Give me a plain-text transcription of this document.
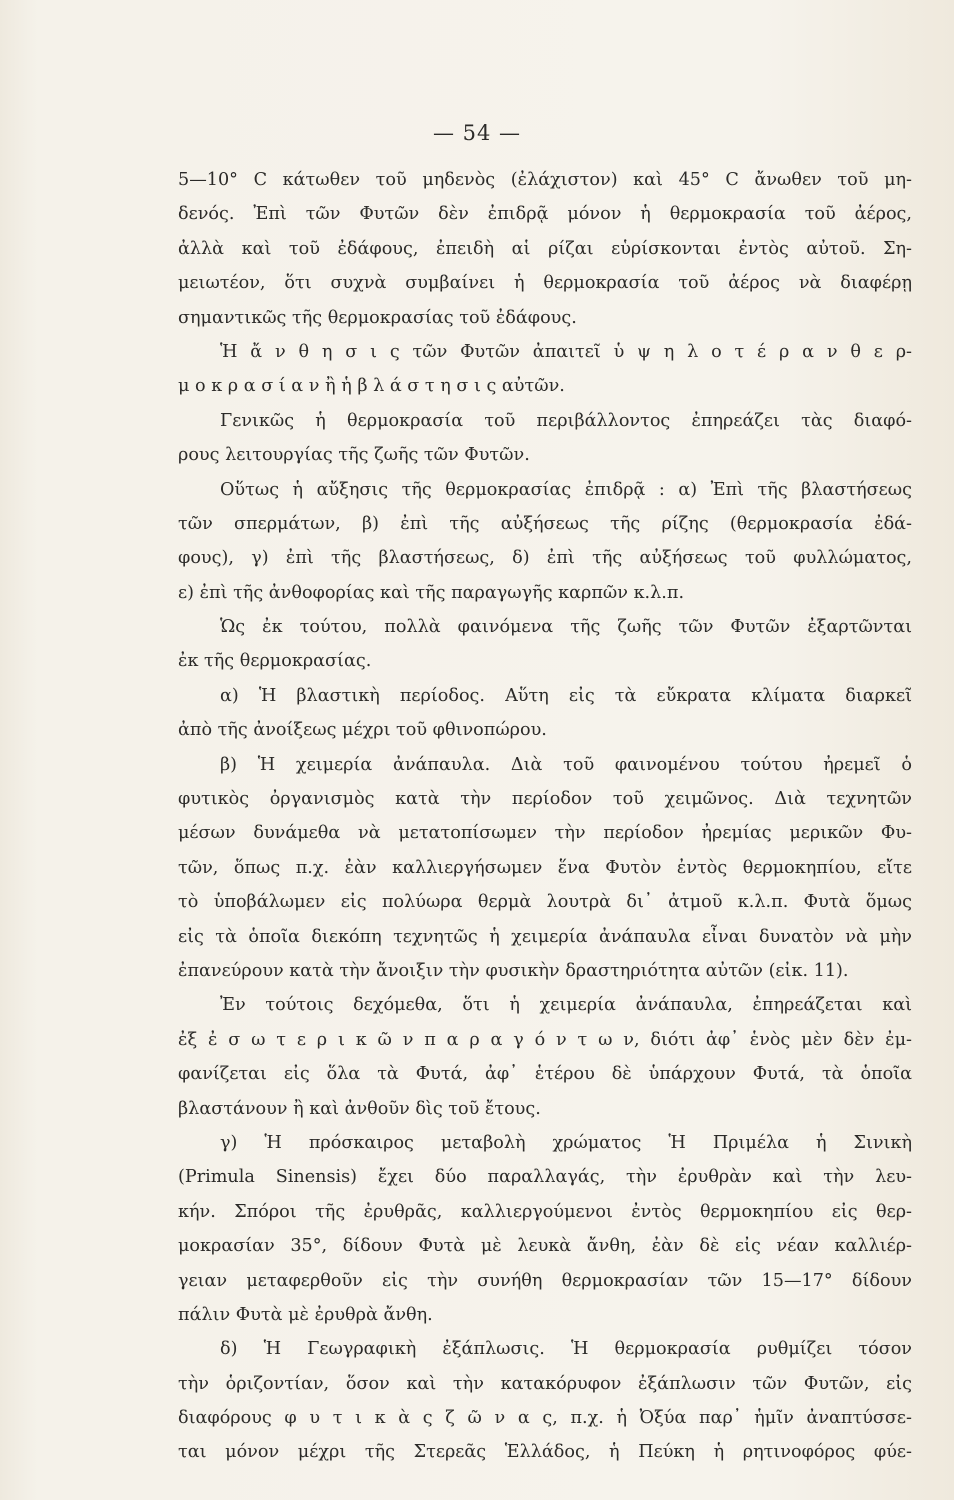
— 54 —
5—10° C κάτωθεν τοῦ μηδενὸς (ἐλάχιστον) καὶ 45° C ἄνωθεν τοῦ μη-
δενός. Ἐπὶ τῶν Φυτῶν δὲν ἐπιδρᾷ μόνον ἡ θερμοκρασία τοῦ ἀέρος,
ἀλλὰ καὶ τοῦ ἐδάφους, ἐπειδὴ αἱ ρίζαι εὑρίσκονται ἐντὸς αὐτοῦ. Ση-
μειωτέον, ὅτι συχνὰ συμβαίνει ἡ θερμοκρασία τοῦ ἀέρος νὰ διαφέρῃ
σημαντικῶς τῆς θερμοκρασίας τοῦ ἐδάφους.
Ἡ ἄ ν θ η σ ι ς τῶν Φυτῶν ἀπαιτεῖ ὑ ψ η λ ο τ έ ρ α ν θ ε ρ-
μ ο κ ρ α σ ί α ν ἢ ἡ β λ ά σ τ η σ ι ς αὐτῶν.
Γενικῶς ἡ θερμοκρασία τοῦ περιβάλλοντος ἐπηρεάζει τὰς διαφό-
ρους λειτουργίας τῆς ζωῆς τῶν Φυτῶν.
Οὕτως ἡ αὔξησις τῆς θερμοκρασίας ἐπιδρᾷ : α) Ἐπὶ τῆς βλαστήσεως
τῶν σπερμάτων, β) ἐπὶ τῆς αὐξήσεως τῆς ρίζης (θερμοκρασία ἐδά-
φους), γ) ἐπὶ τῆς βλαστήσεως, δ) ἐπὶ τῆς αὐξήσεως τοῦ φυλλώματος,
ε) ἐπὶ τῆς ἀνθοφορίας καὶ τῆς παραγωγῆς καρπῶν κ.λ.π.
Ὡς ἐκ τούτου, πολλὰ φαινόμενα τῆς ζωῆς τῶν Φυτῶν ἐξαρτῶνται
ἐκ τῆς θερμοκρασίας.
α) Ἡ βλαστικὴ περίοδος. Αὕτη εἰς τὰ εὔκρατα κλίματα διαρκεῖ
ἀπὸ τῆς ἀνοίξεως μέχρι τοῦ φθινοπώρου.
β) Ἡ χειμερία ἀνάπαυλα. Διὰ τοῦ φαινομένου τούτου ἠρεμεῖ ὁ
φυτικὸς ὀργανισμὸς κατὰ τὴν περίοδον τοῦ χειμῶνος. Διὰ τεχνητῶν
μέσων δυνάμεθα νὰ μετατοπίσωμεν τὴν περίοδον ἠρεμίας μερικῶν Φυ-
τῶν, ὅπως π.χ. ἐὰν καλλιεργήσωμεν ἕνα Φυτὸν ἐντὸς θερμοκηπίου, εἴτε
τὸ ὑποβάλωμεν εἰς πολύωρα θερμὰ λουτρὰ δι᾿ ἀτμοῦ κ.λ.π. Φυτὰ ὅμως
εἰς τὰ ὁποῖα διεκόπη τεχνητῶς ἡ χειμερία ἀνάπαυλα εἶναι δυνατὸν νὰ μὴν
ἐπανεύρουν κατὰ τὴν ἄνοιξιν τὴν φυσικὴν δραστηριότητα αὐτῶν (εἰκ. 11).
Ἐν τούτοις δεχόμεθα, ὅτι ἡ χειμερία ἀνάπαυλα, ἐπηρεάζεται καὶ
ἐξ ἐ σ ω τ ε ρ ι κ ῶ ν π α ρ α γ ό ν τ ω ν, διότι ἀφ᾿ ἑνὸς μὲν δὲν ἐμ-
φανίζεται εἰς ὅλα τὰ Φυτά, ἀφ᾿ ἑτέρου δὲ ὑπάρχουν Φυτά, τὰ ὁποῖα
βλαστάνουν ἢ καὶ ἀνθοῦν δὶς τοῦ ἔτους.
γ) Ἡ πρόσκαιρος μεταβολὴ χρώματος Ἡ Πριμέλα ἡ Σινικὴ
(Primula Sinensis) ἔχει δύο παραλλαγάς, τὴν ἐρυθρὰν καὶ τὴν λευ-
κήν. Σπόροι τῆς ἐρυθρᾶς, καλλιεργούμενοι ἐντὸς θερμοκηπίου εἰς θερ-
μοκρασίαν 35°, δίδουν Φυτὰ μὲ λευκὰ ἄνθη, ἐὰν δὲ εἰς νέαν καλλιέρ-
γειαν μεταφερθοῦν εἰς τὴν συνήθη θερμοκρασίαν τῶν 15—17° δίδουν
πάλιν Φυτὰ μὲ ἐρυθρὰ ἄνθη.
δ) Ἡ Γεωγραφικὴ ἐξάπλωσις. Ἡ θερμοκρασία ρυθμίζει τόσον
τὴν ὁριζοντίαν, ὅσον καὶ τὴν κατακόρυφον ἐξάπλωσιν τῶν Φυτῶν, εἰς
διαφόρους φ υ τ ι κ ὰ ς ζ ῶ ν α ς, π.χ. ἡ Ὀξύα παρ᾿ ἡμῖν ἀναπτύσσε-
ται μόνον μέχρι τῆς Στερεᾶς Ἑλλάδος, ἡ Πεύκη ἡ ρητινοφόρος φύε-
